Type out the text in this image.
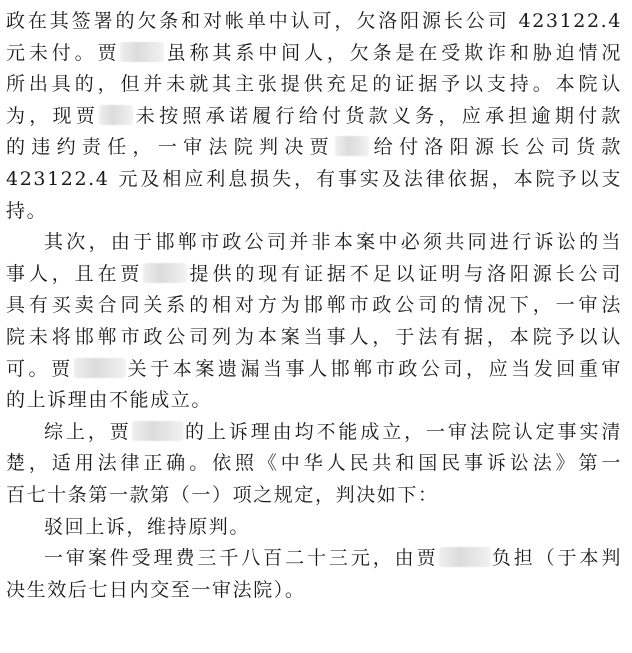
政在其签署的欠条和对帐单中认可，欠洛阳源长公司 423122.4
元未付。贾 虽称其系中间人，欠条是在受欺诈和胁迫情况
所出具的，但并未就其主张提供充足的证据予以支持。本院认
为，现贾 未按照承诺履行给付货款义务，应承担逾期付款
的违约责任，一审法院判决贾 给付洛阳源长公司货款
423122.4 元及相应利息损失，有事实及法律依据，本院予以支
持。
其次，由于邯郸市政公司并非本案中必须共同进行诉讼的当
事人，且在贾 提供的现有证据不足以证明与洛阳源长公司
具有买卖合同关系的相对方为邯郸市政公司的情况下，一审法
院未将邯郸市政公司列为本案当事人，于法有据，本院予以认
可。贾	关于本案遗漏当事人邯郸市政公司，应当发回重审
的上诉理由不能成立。
综上，贾	的上诉理由均不能成立，一审法院认定事实清
楚，适用法律正确。依照《中华人民共和国民事诉讼法》第一
百七十条第一款第（一）项之规定，判决如下：
驳回上诉，维持原判。
一审案件受理费三千八百二十三元，由贾	负担（于本判
决生效后七日内交至一审法院）。
